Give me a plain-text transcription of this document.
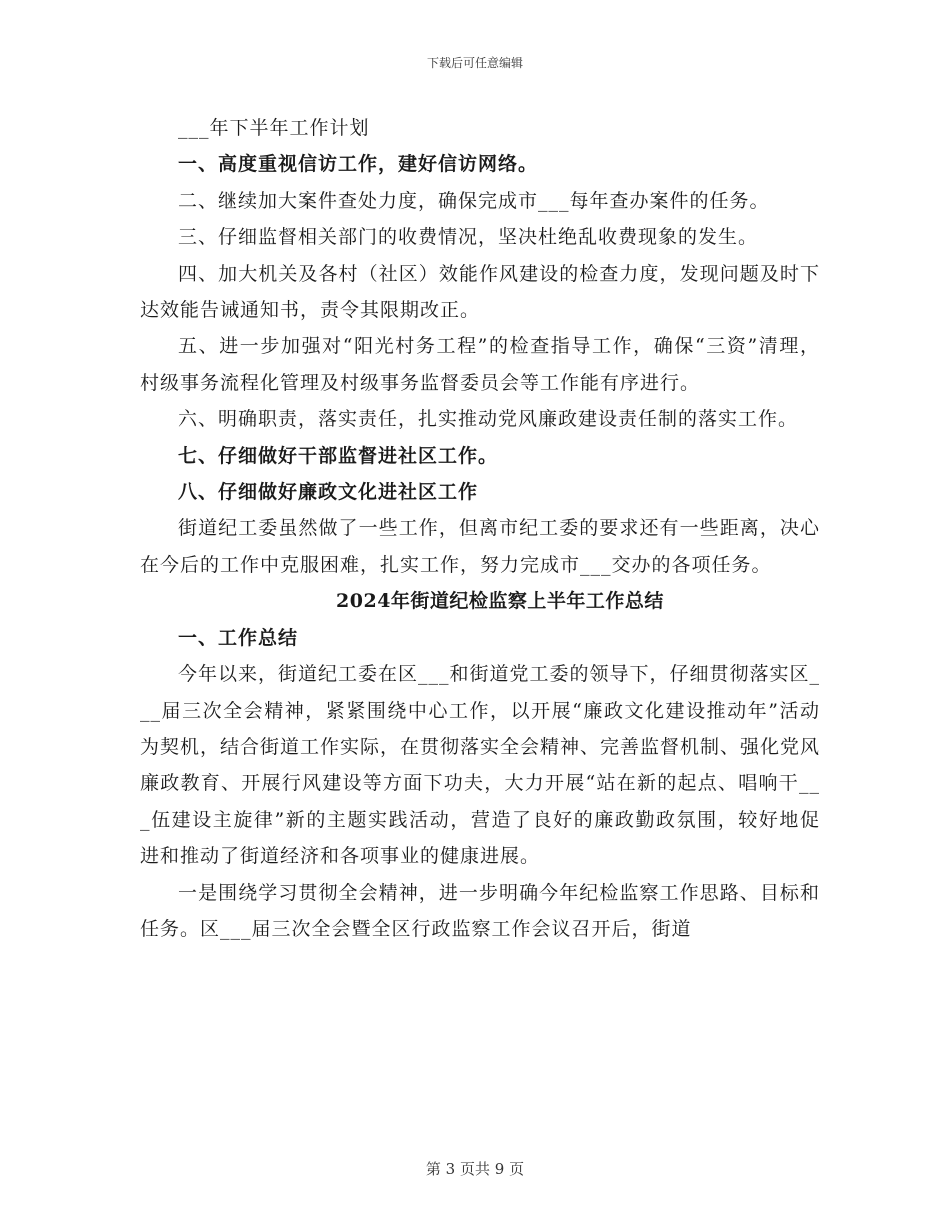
下载后可任意编辑

___年下半年工作计划

一、高度重视信访工作，建好信访网络。

二、继续加大案件查处力度，确保完成市___每年查办案件的任务。

三、仔细监督相关部门的收费情况，坚决杜绝乱收费现象的发生。

四、加大机关及各村（社区）效能作风建设的检查力度，发现问题及时下达效能告诫通知书，责令其限期改正。

五、进一步加强对“阳光村务工程”的检查指导工作，确保“三资”清理，村级事务流程化管理及村级事务监督委员会等工作能有序进行。

六、明确职责，落实责任，扎实推动党风廉政建设责任制的落实工作。

七、仔细做好干部监督进社区工作。

八、仔细做好廉政文化进社区工作

街道纪工委虽然做了一些工作，但离市纪工委的要求还有一些距离，决心在今后的工作中克服困难，扎实工作，努力完成市___交办的各项任务。

2024年街道纪检监察上半年工作总结

一、工作总结

今年以来，街道纪工委在区___和街道党工委的领导下，仔细贯彻落实区___届三次全会精神，紧紧围绕中心工作，以开展“廉政文化建设推动年”活动为契机，结合街道工作实际，在贯彻落实全会精神、完善监督机制、强化党风廉政教育、开展行风建设等方面下功夫，大力开展“站在新的起点、唱响干___伍建设主旋律”新的主题实践活动，营造了良好的廉政勤政氛围，较好地促进和推动了街道经济和各项事业的健康进展。

一是围绕学习贯彻全会精神，进一步明确今年纪检监察工作思路、目标和任务。区___届三次全会暨全区行政监察工作会议召开后，街道

第 3 页共 9 页
